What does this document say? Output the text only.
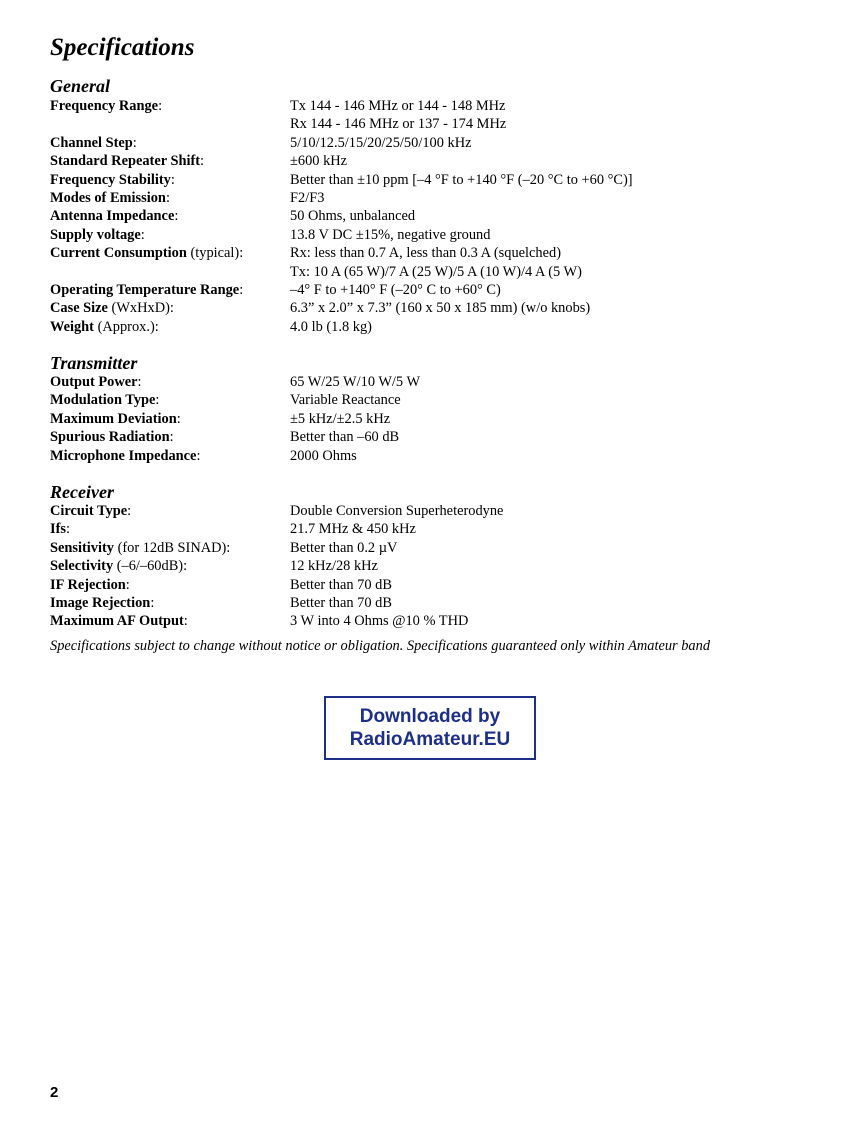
Specifications
General
Frequency Range:	Tx 144 - 146 MHz or 144 - 148 MHz
Rx 144 - 146 MHz or 137 - 174 MHz
Channel Step:	5/10/12.5/15/20/25/50/100 kHz
Standard Repeater Shift:	±600 kHz
Frequency Stability:	Better than ±10 ppm [–4 °F to +140 °F (–20 °C to +60 °C)]
Modes of Emission:	F2/F3
Antenna Impedance:	50 Ohms, unbalanced
Supply voltage:	13.8 V DC ±15%, negative ground
Current Consumption (typical):	Rx: less than 0.7 A, less than 0.3 A (squelched)
Tx: 10 A (65 W)/7 A (25 W)/5 A (10 W)/4 A (5 W)
Operating Temperature Range:	–4° F to +140° F (–20° C to +60° C)
Case Size (WxHxD):	6.3” x 2.0” x 7.3” (160 x 50 x 185 mm) (w/o knobs)
Weight (Approx.):	4.0 lb (1.8 kg)
Transmitter
Output Power:	65 W/25 W/10 W/5 W
Modulation Type:	Variable Reactance
Maximum Deviation:	±5 kHz/±2.5 kHz
Spurious Radiation:	Better than –60 dB
Microphone Impedance:	2000 Ohms
Receiver
Circuit Type:	Double Conversion Superheterodyne
Ifs:	21.7 MHz & 450 kHz
Sensitivity (for 12dB SINAD):	Better than 0.2 µV
Selectivity (–6/–60dB):	12 kHz/28 kHz
IF Rejection:	Better than 70 dB
Image Rejection:	Better than 70 dB
Maximum AF Output:	3 W into 4 Ohms @10 % THD
Specifications subject to change without notice or obligation. Specifications guaranteed only within Amateur band
Downloaded by
RadioAmateur.EU
2
